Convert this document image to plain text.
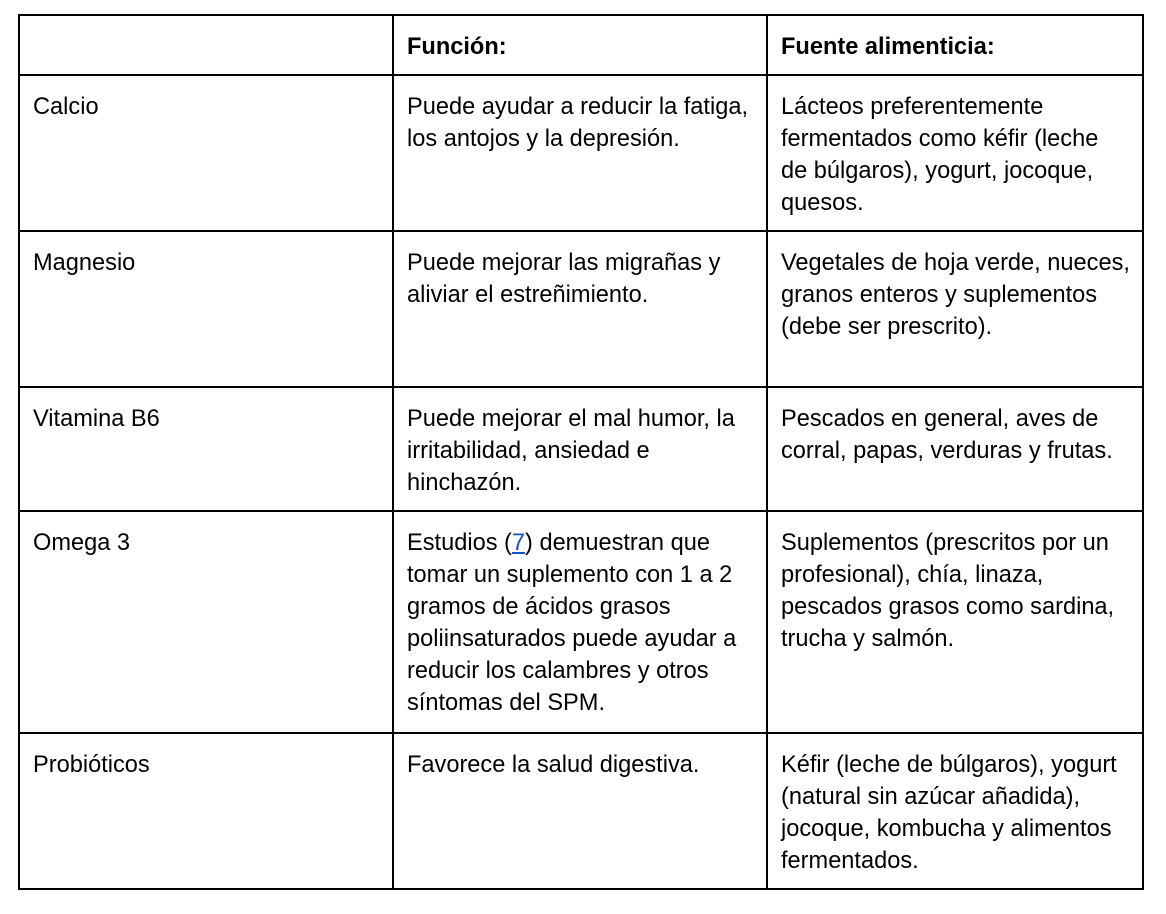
	Función:	Fuente alimenticia:
Calcio	Puede ayudar a reducir la fatiga, los antojos y la depresión.	Lácteos preferentemente fermentados como kéfir (leche de búlgaros), yogurt, jocoque, quesos.
Magnesio	Puede mejorar las migrañas y aliviar el estreñimiento.	Vegetales de hoja verde, nueces, granos enteros y suplementos (debe ser prescrito).
Vitamina B6	Puede mejorar el mal humor, la irritabilidad, ansiedad e hinchazón.	Pescados en general, aves de corral, papas, verduras y frutas.
Omega 3	Estudios (7) demuestran que tomar un suplemento con 1 a 2 gramos de ácidos grasos poliinsaturados puede ayudar a reducir los calambres y otros síntomas del SPM.	Suplementos (prescritos por un profesional), chía, linaza, pescados grasos como sardina, trucha y salmón.
Probióticos	Favorece la salud digestiva.	Kéfir (leche de búlgaros), yogurt (natural sin azúcar añadida), jocoque, kombucha y alimentos fermentados.
